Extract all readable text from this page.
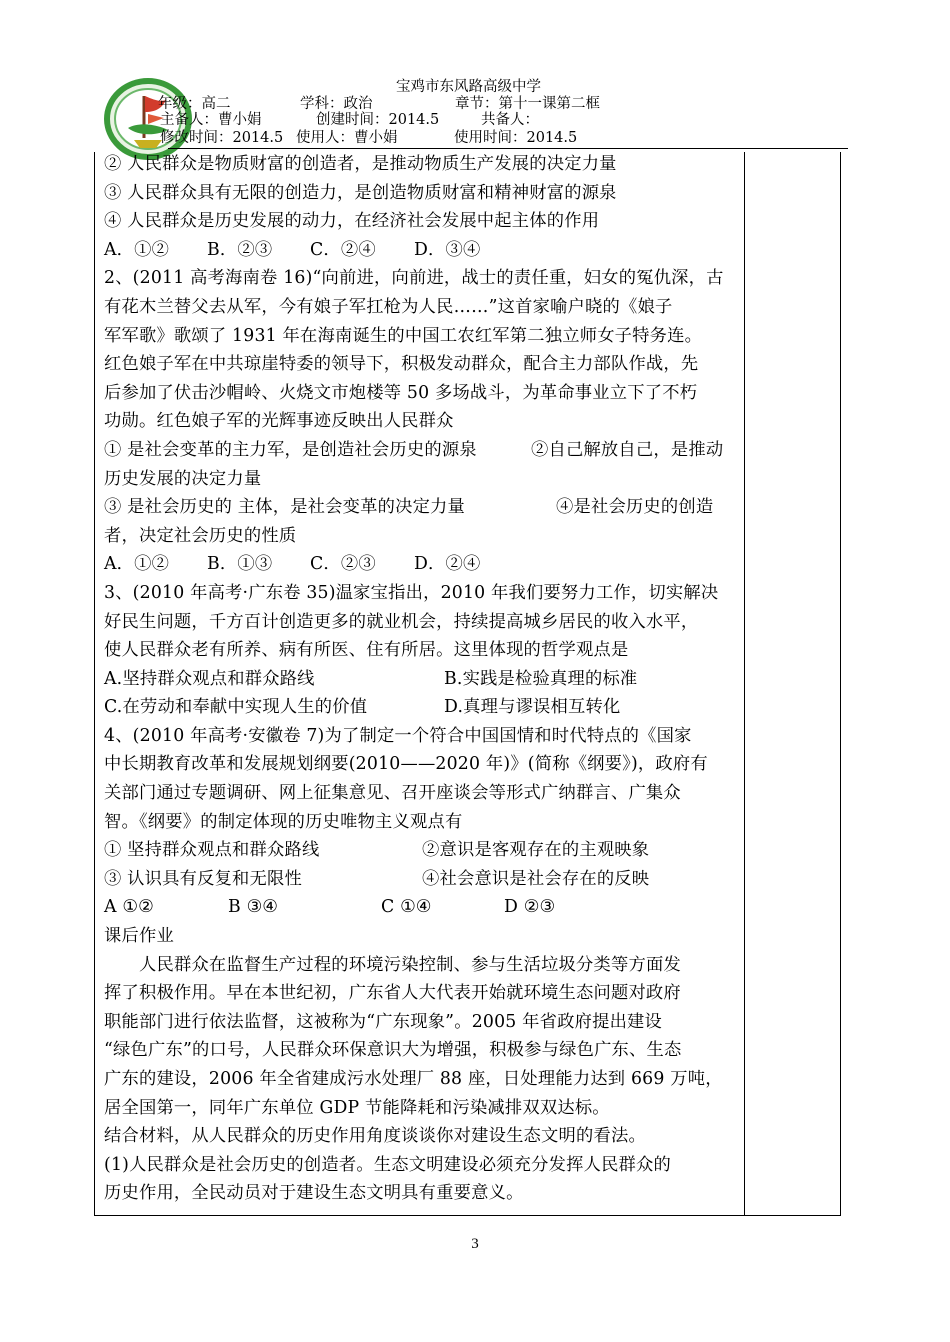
宝鸡市东风路高级中学
年级：高二	学科：政治	章节：第十一课第二框
主备人：曹小娟	创建时间：2014.5	共备人：
修改时间：2014.5 使用人：曹小娟	使用时间：2014.5
② 人民群众是物质财富的创造者，是推动物质生产发展的决定力量
③ 人民群众具有无限的创造力，是创造物质财富和精神财富的源泉
④ 人民群众是历史发展的动力，在经济社会发展中起主体的作用
A．①② B．②③ C．②④ D．③④
2、(2011 高考海南卷 16)“向前进，向前进，战士的责任重，妇女的冤仇深，古
有花木兰替父去从军，今有娘子军扛枪为人民……”这首家喻户晓的《娘子
军军歌》歌颂了 1931 年在海南诞生的中国工农红军第二独立师女子特务连。
红色娘子军在中共琼崖特委的领导下，积极发动群众，配合主力部队作战，先
后参加了伏击沙帽岭、火烧文市炮楼等 50 多场战斗，为革命事业立下了不朽
功勋。红色娘子军的光辉事迹反映出人民群众
① 是社会变革的主力军，是创造社会历史的源泉	②自己解放自己，是推动
历史发展的决定力量
③ 是社会历史的 主体，是社会变革的决定力量	④是社会历史的创造
者，决定社会历史的性质
A．①② B．①③ C．②③ D．②④
3、(2010 年高考·广东卷 35)温家宝指出，2010 年我们要努力工作，切实解决
好民生问题，千方百计创造更多的就业机会，持续提高城乡居民的收入水平，
使人民群众老有所养、病有所医、住有所居。这里体现的哲学观点是
A.坚持群众观点和群众路线	B.实践是检验真理的标准
C.在劳动和奉献中实现人生的价值	D.真理与谬误相互转化
4、(2010 年高考·安徽卷 7)为了制定一个符合中国国情和时代特点的《国家
中长期教育改革和发展规划纲要(2010——2020 年)》(简称《纲要》)，政府有
关部门通过专题调研、网上征集意见、召开座谈会等形式广纳群言、广集众
智。《纲要》的制定体现的历史唯物主义观点有
① 坚持群众观点和群众路线	②意识是客观存在的主观映象
③ 认识具有反复和无限性	④社会意识是社会存在的反映
A ①②	B ③④	C ①④	D ②③
课后作业
人民群众在监督生产过程的环境污染控制、参与生活垃圾分类等方面发
挥了积极作用。早在本世纪初，广东省人大代表开始就环境生态问题对政府
职能部门进行依法监督，这被称为“广东现象”。2005 年省政府提出建设
“绿色广东”的口号，人民群众环保意识大为增强，积极参与绿色广东、生态
广东的建设，2006 年全省建成污水处理厂 88 座，日处理能力达到 669 万吨，
居全国第一，同年广东单位 GDP 节能降耗和污染减排双双达标。
结合材料，从人民群众的历史作用角度谈谈你对建设生态文明的看法。
(1)人民群众是社会历史的创造者。生态文明建设必须充分发挥人民群众的
历史作用，全民动员对于建设生态文明具有重要意义。
3
